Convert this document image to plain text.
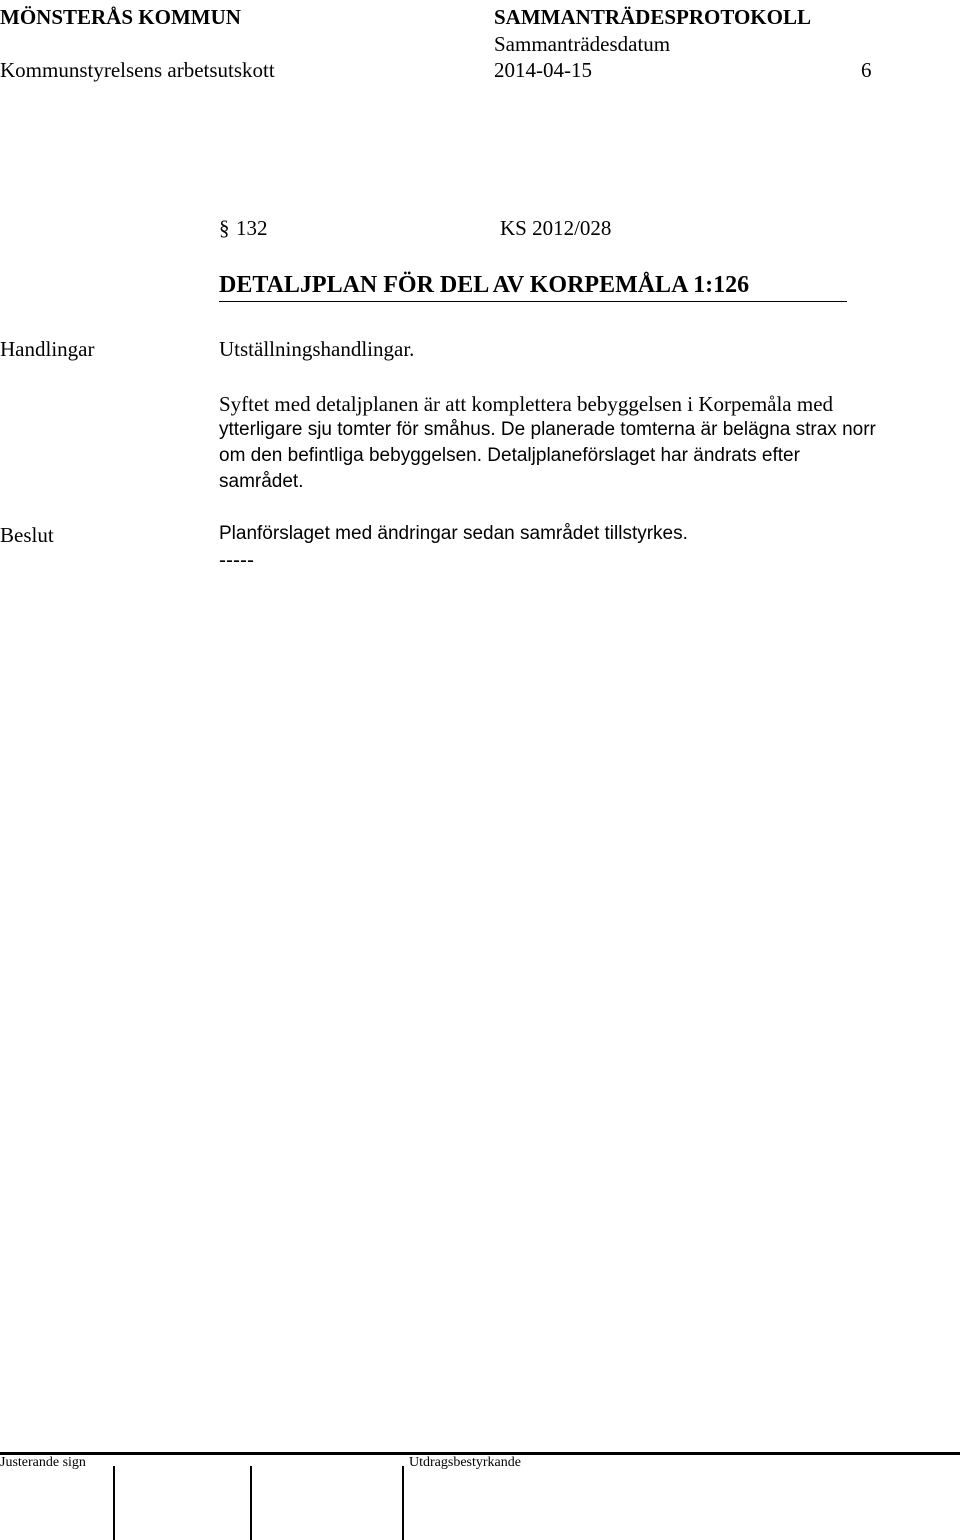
MÖNSTERÅS KOMMUN	SAMMANTRÄDESPROTOKOLL
Sammanträdesdatum
Kommunstyrelsens arbetsutskott	2014-04-15	6
§ 132	KS 2012/028
DETALJPLAN FÖR DEL AV KORPEMÅLA 1:126
Handlingar	Utställningshandlingar.
Syftet med detaljplanen är att komplettera bebyggelsen i Korpemåla med
ytterligare sju tomter för småhus. De planerade tomterna är belägna strax norr
om den befintliga bebyggelsen. Detaljplaneförslaget har ändrats efter
samrådet.
Beslut	Planförslaget med ändringar sedan samrådet tillstyrkes.
-----
Justerande sign	Utdragsbestyrkande
